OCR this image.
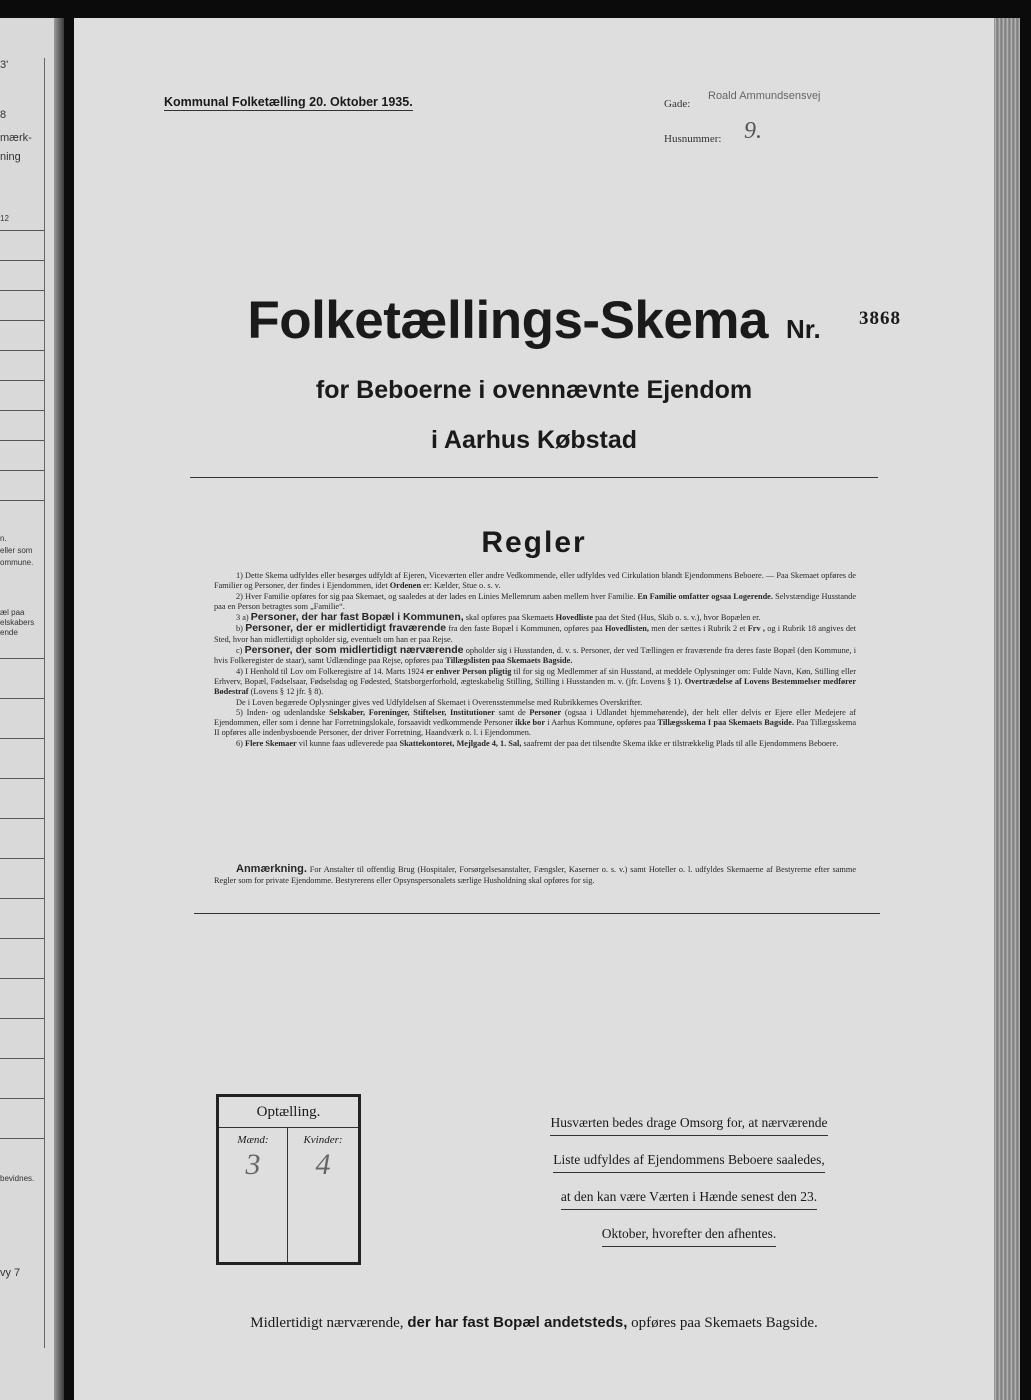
3'
8
mærk-
ning
12
n.
eller som
ommune.
æl paa
elskabers
ende
bevidnes.
vy 7
Kommunal Folketælling 20. Oktober 1935.	Gade:
Roald Ammundsensvej
Husnummer: 9.
Folketællings-Skema Nr.	3868
for Beboerne i ovennævnte Ejendom
i Aarhus Købstad
Regler

1) Dette Skema udfyldes eller besørges udfyldt af Ejeren, Viceværten eller andre Vedkommende, eller udfyldes ved Cirkulation blandt Ejendommens Beboere. — Paa Skemaet opføres de Familier og Personer, der findes i Ejendommen, idet Ordenen er: Kælder, Stue o. s. v.

2) Hver Familie opføres for sig paa Skemaet, og saaledes at der lades en Linies Mellemrum aaben mellem hver Familie. En Familie omfatter ogsaa Logerende. Selvstændige Husstande paa en Person betragtes som „Familie“.

3 a) Personer, der har fast Bopæl i Kommunen, skal opføres paa Skemaets Hovedliste paa det Sted (Hus, Skib o. s. v.), hvor Bopælen er.

b) Personer, der er midlertidigt fraværende fra den faste Bopæl i Kommunen, opføres paa Hovedlisten, men der sættes i Rubrik 2 et Frv , og i Rubrik 18 angives det Sted, hvor han midlertidigt opholder sig, eventuelt om han er paa Rejse.

c) Personer, der som midlertidigt nærværende opholder sig i Husstanden, d. v. s. Personer, der ved Tællingen er fraværende fra deres faste Bopæl (den Kommune, i hvis Folkeregister de staar), samt Udlændinge paa Rejse, opføres paa Tillægslisten paa Skemaets Bagside.

4) I Henhold til Lov om Folkeregistre af 14. Marts 1924 er enhver Person pligtig til for sig og Medlemmer af sin Husstand, at meddele Oplysninger om: Fulde Navn, Køn, Stilling eller Erhverv, Bopæl, Fødselsaar, Fødselsdag og Fødested, Statsborgerforhold, ægteskabelig Stilling, Stilling i Husstanden m. v. (jfr. Lovens § 1). Overtrædelse af Lovens Bestemmelser medfører Bødestraf (Lovens § 12 jfr. § 8).

De i Loven begærede Oplysninger gives ved Udfyldelsen af Skemaet i Overensstemmelse med Rubrikkernes Overskrifter.

5) Inden- og udenlandske Selskaber, Foreninger, Stiftelser, Institutioner samt de Personer (ogsaa i Udlandet hjemmehørende), der helt eller delvis er Ejere eller Medejere af Ejendommen, eller som i denne har Forretningslokale, forsaavidt vedkommende Personer ikke bor i Aarhus Kommune, opføres paa Tillægsskema I paa Skemaets Bagside. Paa Tillægsskema II opføres alle indenbysboende Personer, der driver Forretning, Haandværk o. l. i Ejendommen.

6) Flere Skemaer vil kunne faas udleverede paa Skattekontoret, Mejlgade 4, 1. Sal, saafremt der paa det tilsendte Skema ikke er tilstrækkelig Plads til alle Ejendommens Beboere.

Anmærkning. For Anstalter til offentlig Brug (Hospitaler, Forsørgelsesanstalter, Fængsler, Kaserner o. s. v.) samt Hoteller o. l. udfyldes Skemaerne af Bestyrerne efter samme Regler som for private Ejendomme. Bestyrerens eller Opsynspersonalets særlige Husholdning skal opføres for sig.
Optælling.
Mænd:
3
Kvinder:
4
Husværten bedes drage Omsorg for, at nærværende
Liste udfyldes af Ejendommens Beboere saaledes,
at den kan være Værten i Hænde senest den 23.
Oktober, hvorefter den afhentes.
Midlertidigt nærværende, der har fast Bopæl andetsteds, opføres paa Skemaets Bagside.
